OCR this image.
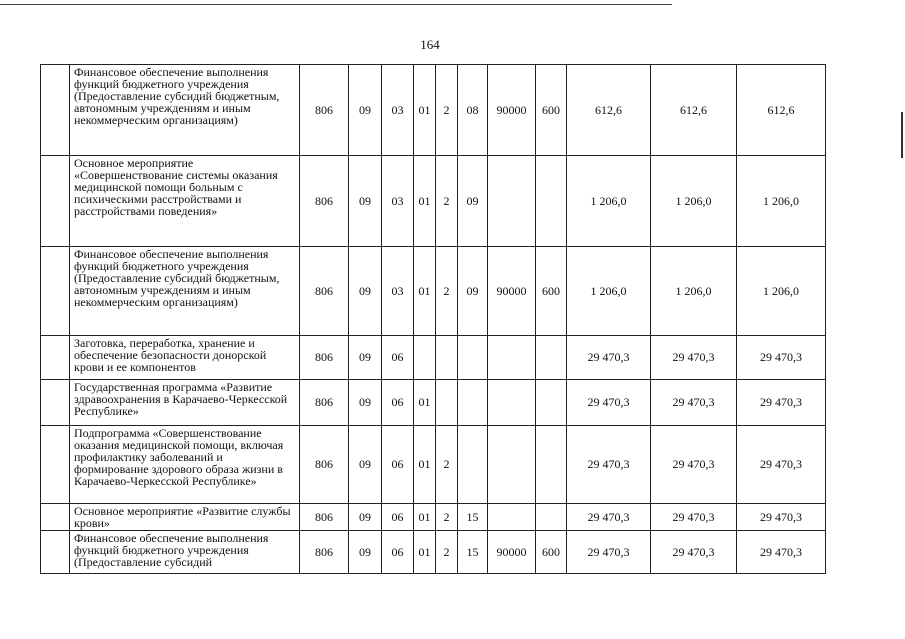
164
	Финансовое обеспечение выполнения функций бюджетного учреждения (Предоставление субсидий бюджетным, автономным учреждениям и иным некоммерческим организациям)	806	09	03	01	2	08	90000	600	612,6	612,6	612,6
	Основное мероприятие «Совершенствование системы оказания медицинской помощи больным с психическими расстройствами и расстройствами поведения»	806	09	03	01	2	09			1 206,0	1 206,0	1 206,0
	Финансовое обеспечение выполнения функций бюджетного учреждения (Предоставление субсидий бюджетным, автономным учреждениям и иным некоммерческим организациям)	806	09	03	01	2	09	90000	600	1 206,0	1 206,0	1 206,0
	Заготовка, переработка, хранение и обеспечение безопасности донорской крови и ее компонентов	806	09	06						29 470,3	29 470,3	29 470,3
	Государственная программа «Развитие здравоохранения в Карачаево-Черкесской Республике»	806	09	06	01					29 470,3	29 470,3	29 470,3
	Подпрограмма «Совершенствование оказания медицинской помощи, включая профилактику заболеваний и формирование здорового образа жизни в Карачаево-Черкесской Республике»	806	09	06	01	2				29 470,3	29 470,3	29 470,3
	Основное мероприятие «Развитие службы крови»	806	09	06	01	2	15			29 470,3	29 470,3	29 470,3
	Финансовое обеспечение выполнения функций бюджетного учреждения (Предоставление субсидий	806	09	06	01	2	15	90000	600	29 470,3	29 470,3	29 470,3
